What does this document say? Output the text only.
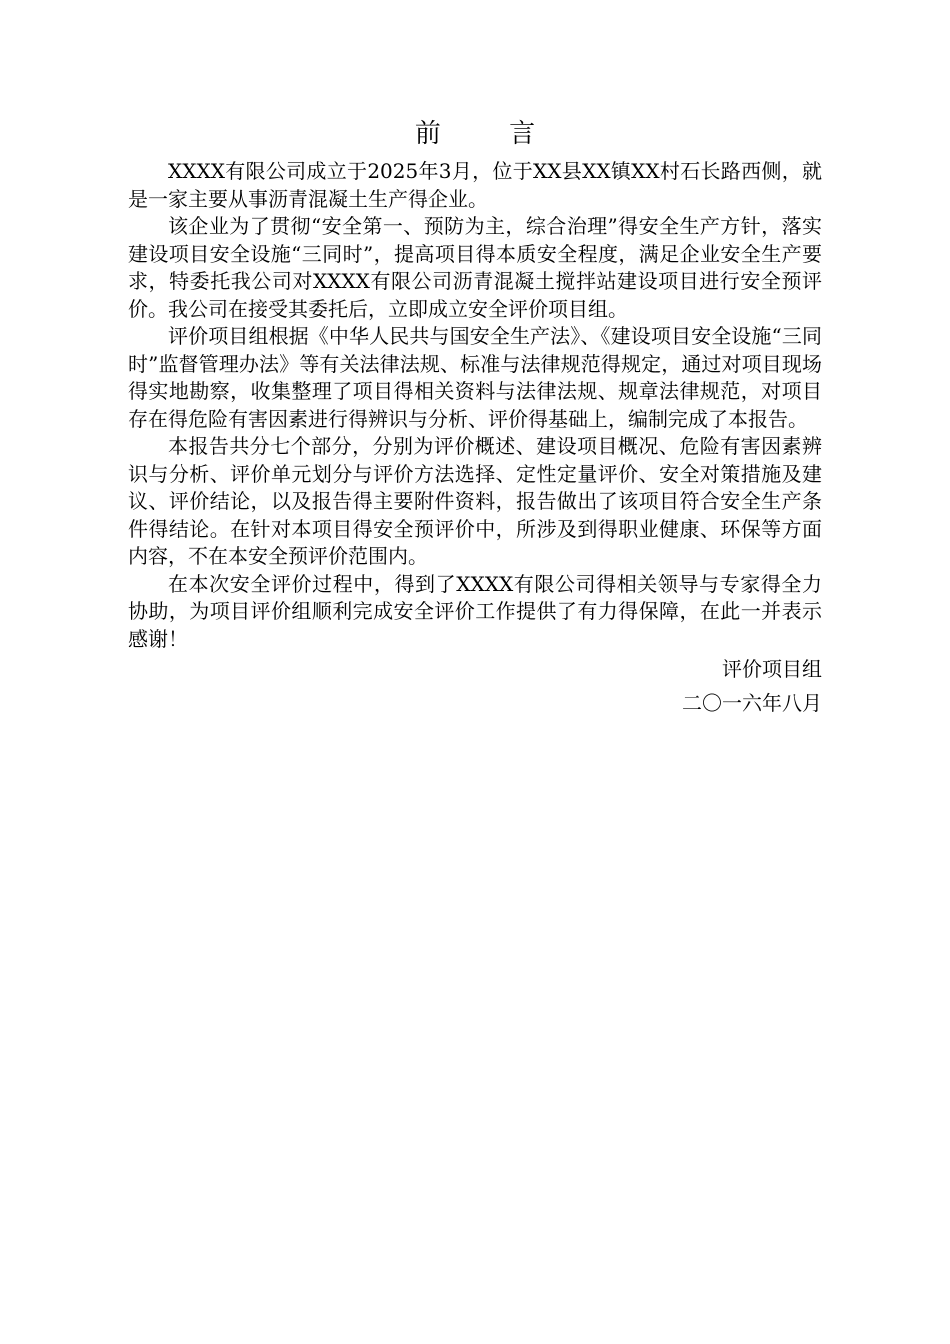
前 言

XXXX有限公司成立于2025年3月，位于XX县XX镇XX村石长路西侧，就是一家主要从事沥青混凝土生产得企业。

该企业为了贯彻“安全第一、预防为主，综合治理”得安全生产方针，落实建设项目安全设施“三同时”，提高项目得本质安全程度，满足企业安全生产要求，特委托我公司对XXXX有限公司沥青混凝土搅拌站建设项目进行安全预评价。我公司在接受其委托后，立即成立安全评价项目组。

评价项目组根据《中华人民共与国安全生产法》、《建设项目安全设施“三同时”监督管理办法》等有关法律法规、标准与法律规范得规定，通过对项目现场得实地勘察，收集整理了项目得相关资料与法律法规、规章法律规范，对项目存在得危险有害因素进行得辨识与分析、评价得基础上，编制完成了本报告。

本报告共分七个部分，分别为评价概述、建设项目概况、危险有害因素辨识与分析、评价单元划分与评价方法选择、定性定量评价、安全对策措施及建议、评价结论，以及报告得主要附件资料，报告做出了该项目符合安全生产条件得结论。在针对本项目得安全预评价中，所涉及到得职业健康、环保等方面内容，不在本安全预评价范围内。

在本次安全评价过程中，得到了XXXX有限公司得相关领导与专家得全力协助，为项目评价组顺利完成安全评价工作提供了有力得保障，在此一并表示感谢！

评价项目组
二〇一六年八月
